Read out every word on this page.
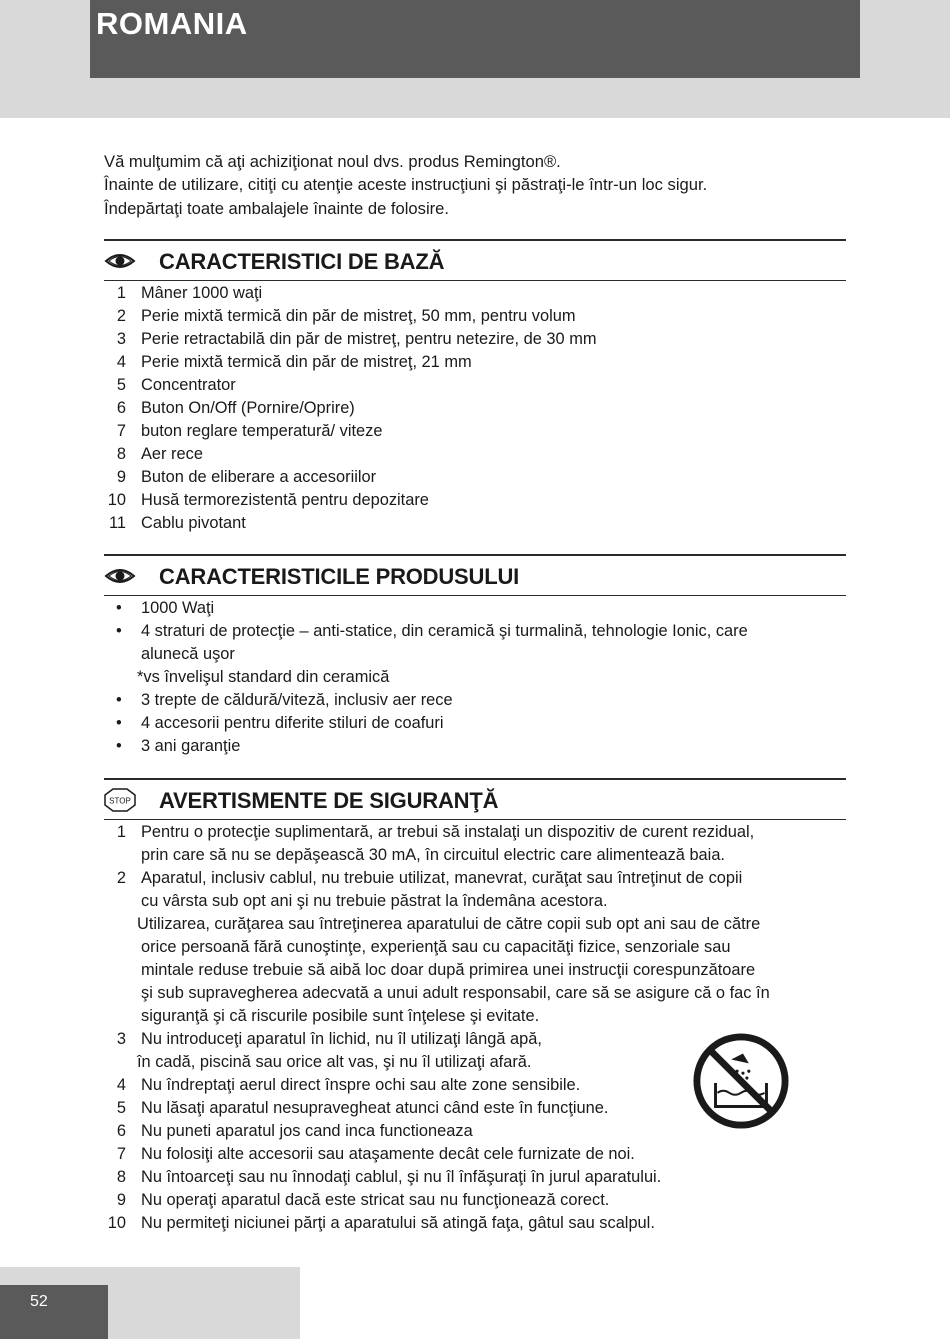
ROMANIA
Vă mulţumim că aţi achiziţionat noul dvs. produs Remington®.
Înainte de utilizare, citiţi cu atenţie aceste instrucţiuni şi păstraţi-le într-un loc sigur.
Îndepărtaţi toate ambalajele înainte de folosire.
CARACTERISTICI DE BAZĂ
1 Mâner 1000 waţi
2 Perie mixtă termică din păr de mistreţ, 50 mm, pentru volum
3 Perie retractabilă din păr de mistreţ, pentru netezire, de 30 mm
4 Perie mixtă termică din păr de mistreţ, 21 mm
5 Concentrator
6 Buton On/Off (Pornire/Oprire)
7 buton reglare temperatură/ viteze
8 Aer rece
9 Buton de eliberare a accesoriilor
10 Husă termorezistentă pentru depozitare
11 Cablu pivotant
CARACTERISTICILE PRODUSULUI
• 1000 Waţi
• 4 straturi de protecţie – anti-statice, din ceramică şi turmalină, tehnologie Ionic, care
alunecă uşor
*vs învelişul standard din ceramică
• 3 trepte de căldură/viteză, inclusiv aer rece
• 4 accesorii pentru diferite stiluri de coafuri
• 3 ani garanţie
STOP AVERTISMENTE DE SIGURANŢĂ
1 Pentru o protecţie suplimentară, ar trebui să instalaţi un dispozitiv de curent rezidual,
prin care să nu se depăşească 30 mA, în circuitul electric care alimentează baia.
2 Aparatul, inclusiv cablul, nu trebuie utilizat, manevrat, curăţat sau întreţinut de copii
cu vârsta sub opt ani şi nu trebuie păstrat la îndemâna acestora.
Utilizarea, curăţarea sau întreţinerea aparatului de către copii sub opt ani sau de către
orice persoană fără cunoştinţe, experienţă sau cu capacităţi fizice, senzoriale sau
mintale reduse trebuie să aibă loc doar după primirea unei instrucţii corespunzătoare
şi sub supravegherea adecvată a unui adult responsabil, care să se asigure că o fac în
siguranţă şi că riscurile posibile sunt înţelese şi evitate.
3 Nu introduceţi aparatul în lichid, nu îl utilizaţi lângă apă,
în cadă, piscină sau orice alt vas, şi nu îl utilizaţi afară.
4 Nu îndreptaţi aerul direct înspre ochi sau alte zone sensibile.
5 Nu lăsaţi aparatul nesupravegheat atunci când este în funcţiune.
6 Nu puneti aparatul jos cand inca functioneaza
7 Nu folosiţi alte accesorii sau ataşamente decât cele furnizate de noi.
8 Nu întoarceţi sau nu înnodaţi cablul, şi nu îl înfăşuraţi în jurul aparatului.
9 Nu operaţi aparatul dacă este stricat sau nu funcţionează corect.
10 Nu permiteţi niciunei părţi a aparatului să atingă faţa, gâtul sau scalpul.
52
